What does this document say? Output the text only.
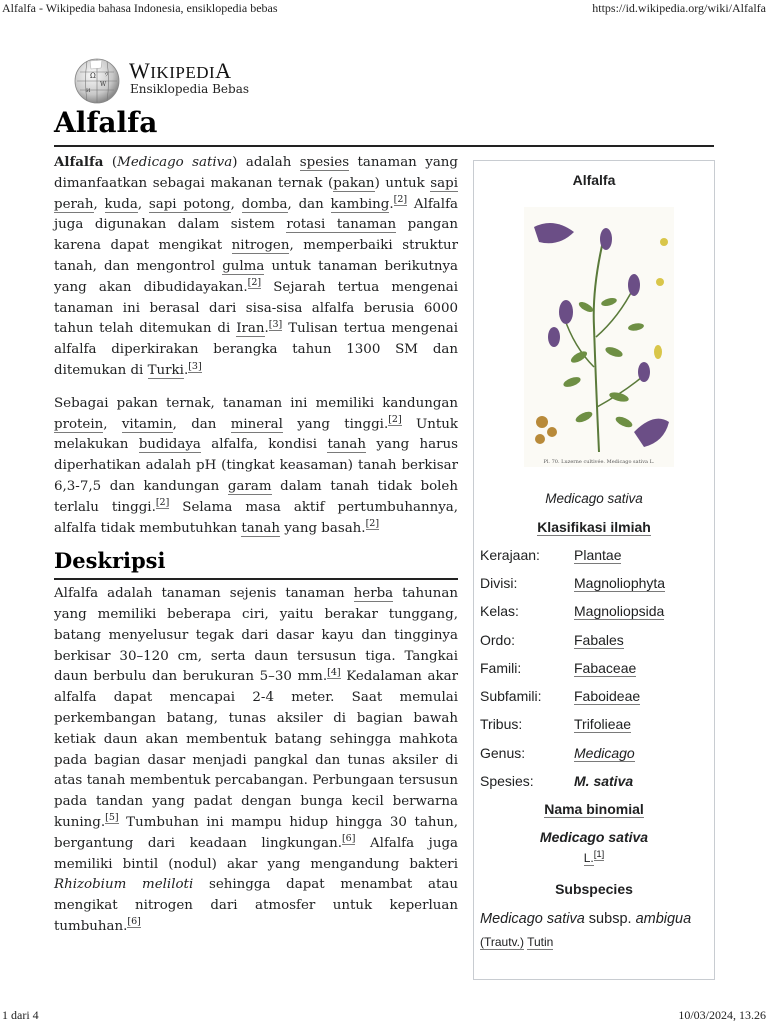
Alfalfa - Wikipedia bahasa Indonesia, ensiklopedia bebas	https://id.wikipedia.org/wiki/Alfalfa
Ω
W
И
ウ WIKIPEDIA
Ensiklopedia Bebas
Alfalfa

Alfalfa (Medicago sativa) adalah spesies tanaman yang dimanfaatkan sebagai makanan ternak (pakan) untuk sapi perah, kuda, sapi potong, domba, dan kambing.[2] Alfalfa juga digunakan dalam sistem rotasi tanaman pangan karena dapat mengikat nitrogen, memperbaiki struktur tanah, dan mengontrol gulma untuk tanaman berikutnya yang akan dibudidayakan.[2] Sejarah tertua mengenai tanaman ini berasal dari sisa-sisa alfalfa berusia 6000 tahun telah ditemukan di Iran.[3] Tulisan tertua mengenai alfalfa diperkirakan berangka tahun 1300 SM dan ditemukan di Turki.[3]

Sebagai pakan ternak, tanaman ini memiliki kandungan protein, vitamin, dan mineral yang tinggi.[2] Untuk melakukan budidaya alfalfa, kondisi tanah yang harus diperhatikan adalah pH (tingkat keasaman) tanah berkisar 6,3-7,5 dan kandungan garam dalam tanah tidak boleh terlalu tinggi.[2] Selama masa aktif pertumbuhannya, alfalfa tidak membutuhkan tanah yang basah.[2]

Deskripsi

Alfalfa adalah tanaman sejenis tanaman herba tahunan yang memiliki beberapa ciri, yaitu berakar tunggang, batang menyelusur tegak dari dasar kayu dan tingginya berkisar 30–120 cm, serta daun tersusun tiga. Tangkai daun berbulu dan berukuran 5–30 mm.[4] Kedalaman akar alfalfa dapat mencapai 2-4 meter. Saat memulai perkembangan batang, tunas aksiler di bagian bawah ketiak daun akan membentuk batang sehingga mahkota pada bagian dasar menjadi pangkal dan tunas aksiler di atas tanah membentuk percabangan. Perbungaan tersusun pada tandan yang padat dengan bunga kecil berwarna kuning.[5] Tumbuhan ini mampu hidup hingga 30 tahun, bergantung dari keadaan lingkungan.[6] Alfalfa juga memiliki bintil (nodul) akar yang mengandung bakteri Rhizobium meliloti sehingga dapat menambat atau mengikat nitrogen dari atmosfer untuk keperluan tumbuhan.[6]

Alfalfa
Pl. 70. Luzerne cultivée. Medicago sativa L.
Medicago sativa
Klasifikasi ilmiah
Kerajaan: Plantae
Divisi:	Magnoliophyta
Kelas:	Magnoliopsida
Ordo:	Fabales
Famili:	Fabaceae
Subfamili: Faboideae
Tribus:	Trifolieae
Genus:	Medicago
Spesies:	M. sativa
Nama binomial
Medicago sativa
L.[1]
Subspecies
Medicago sativa subsp. ambigua
(Trautv.) Tutin
1 dari 4	10/03/2024, 13.26
